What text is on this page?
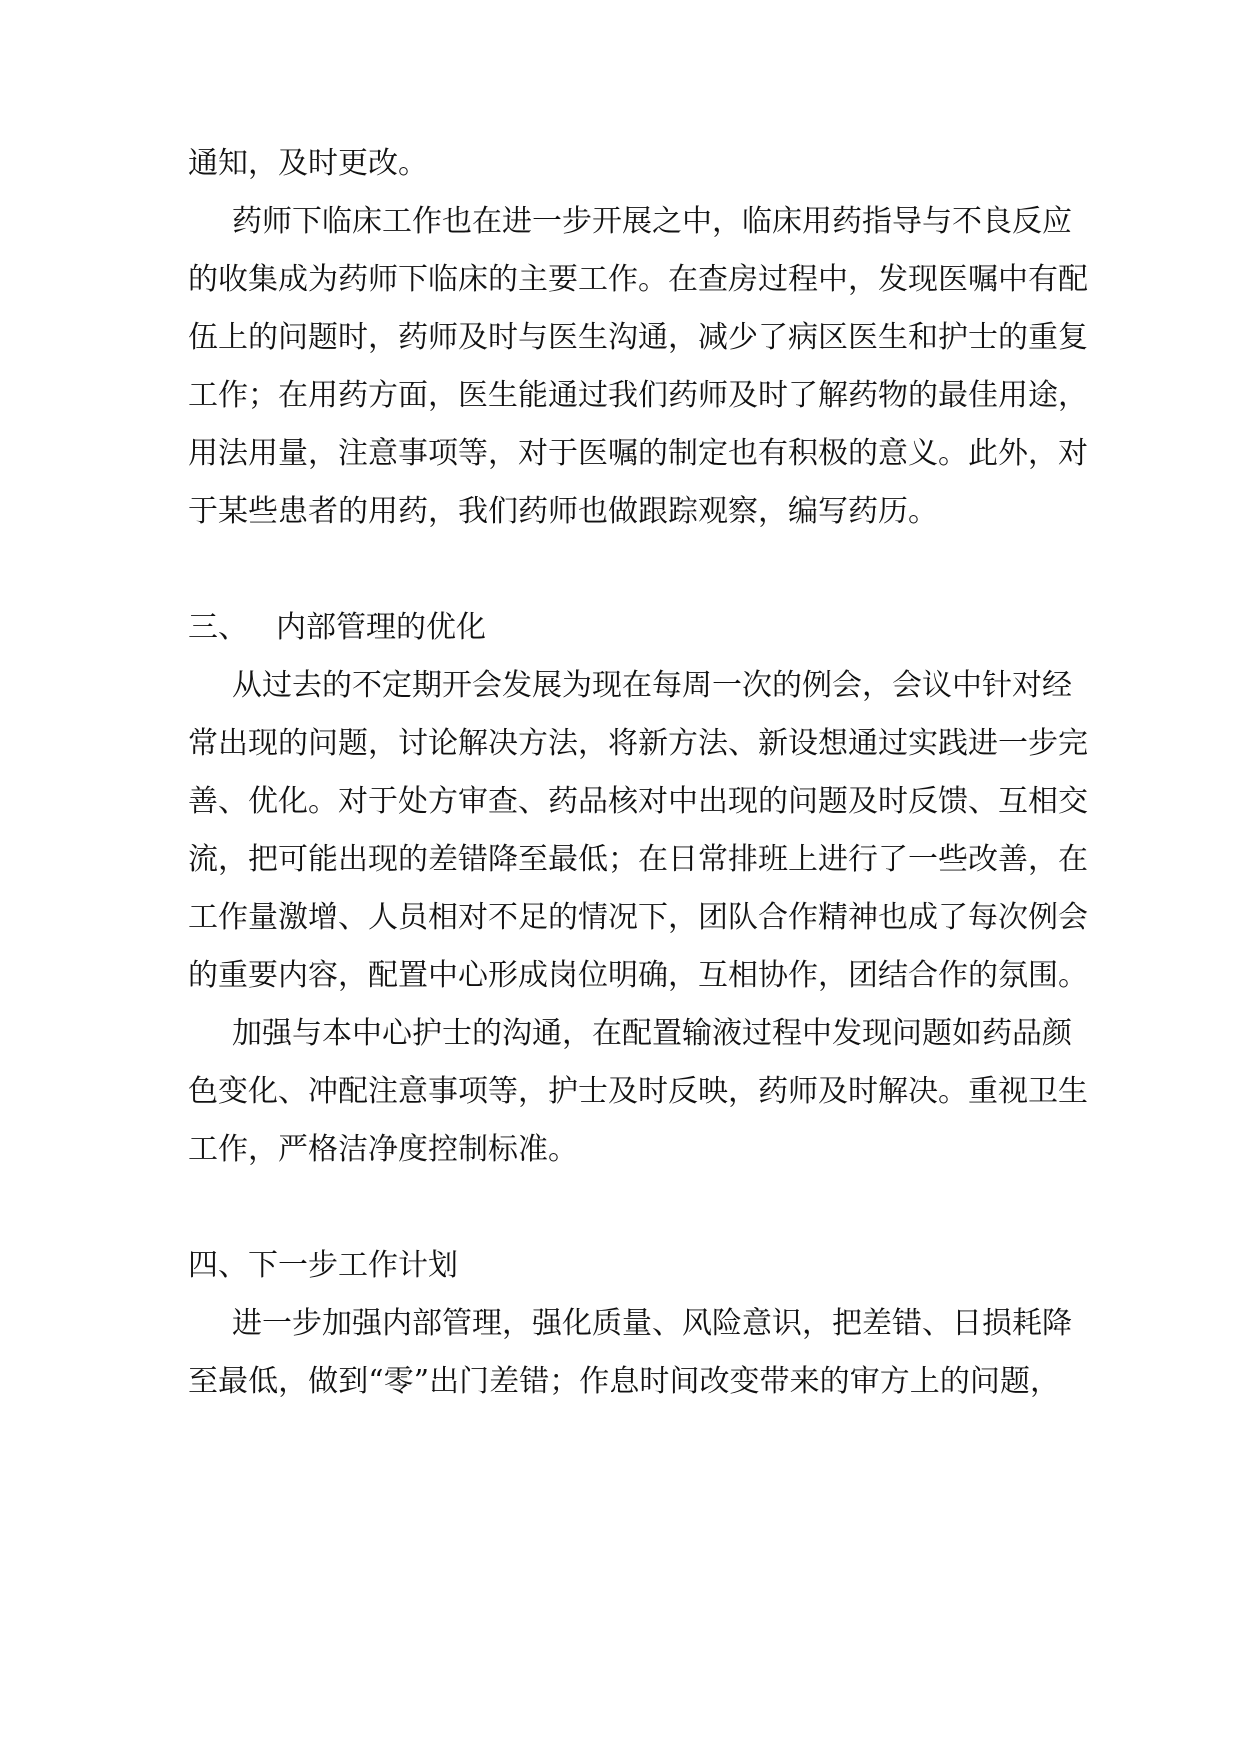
通知，及时更改。

药师下临床工作也在进一步开展之中，临床用药指导与不良反应

的收集成为药师下临床的主要工作。在查房过程中，发现医嘱中有配

伍上的问题时，药师及时与医生沟通，减少了病区医生和护士的重复

工作；在用药方面，医生能通过我们药师及时了解药物的最佳用途，

用法用量，注意事项等，对于医嘱的制定也有积极的意义。此外，对

于某些患者的用药，我们药师也做跟踪观察，编写药历。

三、 内部管理的优化

从过去的不定期开会发展为现在每周一次的例会，会议中针对经

常出现的问题，讨论解决方法，将新方法、新设想通过实践进一步完

善、优化。对于处方审查、药品核对中出现的问题及时反馈、互相交

流，把可能出现的差错降至最低；在日常排班上进行了一些改善，在

工作量激增、人员相对不足的情况下，团队合作精神也成了每次例会

的重要内容，配置中心形成岗位明确，互相协作，团结合作的氛围。

加强与本中心护士的沟通，在配置输液过程中发现问题如药品颜

色变化、冲配注意事项等，护士及时反映，药师及时解决。重视卫生

工作，严格洁净度控制标准。

四、下一步工作计划

进一步加强内部管理，强化质量、风险意识，把差错、日损耗降

至最低，做到“零”出门差错；作息时间改变带来的审方上的问题，
